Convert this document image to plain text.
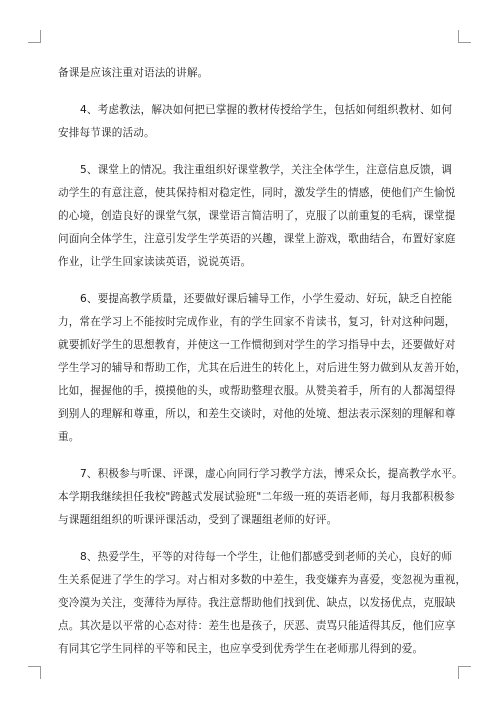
备课是应该注重对语法的讲解。
4、考虑教法，解决如何把已掌握的教材传授给学生，包括如何组织教材、如何
安排每节课的活动。
5、课堂上的情况。我注重组织好课堂教学，关注全体学生，注意信息反馈，调
动学生的有意注意，使其保持相对稳定性，同时，激发学生的情感，使他们产生愉悦
的心境，创造良好的课堂气氛，课堂语言简洁明了，克服了以前重复的毛病，课堂提
问面向全体学生，注意引发学生学英语的兴趣，课堂上游戏，歌曲结合，布置好家庭
作业，让学生回家读读英语，说说英语。
6、要提高教学质量，还要做好课后辅导工作，小学生爱动、好玩，缺乏自控能
力，常在学习上不能按时完成作业，有的学生回家不肯读书，复习，针对这种问题，
就要抓好学生的思想教育，并使这一工作惯彻到对学生的学习指导中去，还要做好对
学生学习的辅导和帮助工作，尤其在后进生的转化上，对后进生努力做到从友善开始，
比如，握握他的手，摸摸他的头，或帮助整理衣服。从赞美着手，所有的人都渴望得
到别人的理解和尊重，所以，和差生交谈时，对他的处境、想法表示深刻的理解和尊
重。
7、积极参与听课、评课，虚心向同行学习教学方法，博采众长，提高教学水平。
本学期我继续担任我校"跨越式发展试验班"二年级一班的英语老师，每月我都积极参
与课题组组织的听课评课活动，受到了课题组老师的好评。
8、热爱学生，平等的对待每一个学生，让他们都感受到老师的关心，良好的师
生关系促进了学生的学习。对占相对多数的中差生，我变嫌弃为喜爱，变忽视为重视，
变冷漠为关注，变薄待为厚待。我注意帮助他们找到优、缺点，以发扬优点，克服缺
点。其次是以平常的心态对待：差生也是孩子，厌恶、责骂只能适得其反，他们应享
有同其它学生同样的平等和民主，也应享受到优秀学生在老师那儿得到的爱。
